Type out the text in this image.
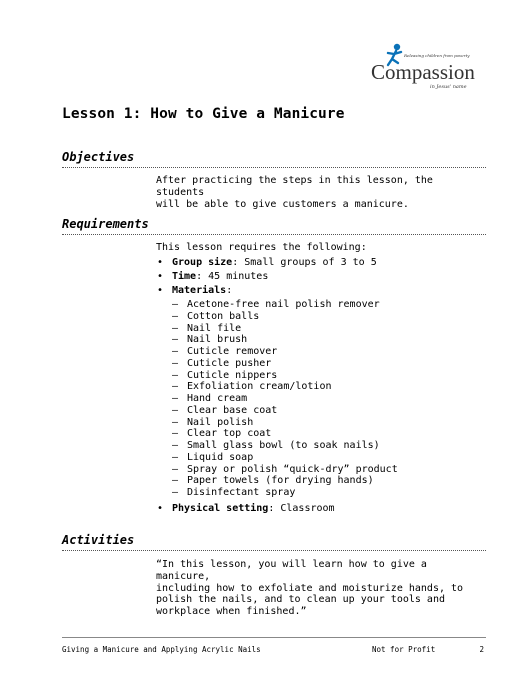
Releasing children from poverty
Compassion
in Jesus' name
Lesson 1: How to Give a Manicure
Objectives

After practicing the steps in this lesson, the students
will be able to give customers a manicure.

Requirements

This lesson requires the following:

• Group size: Small groups of 3 to 5
• Time: 45 minutes
• Materials:
– Acetone-free nail polish remover
– Cotton balls
– Nail file
– Nail brush
– Cuticle remover
– Cuticle pusher
– Cuticle nippers
– Exfoliation cream/lotion
– Hand cream
– Clear base coat
– Nail polish
– Clear top coat
– Small glass bowl (to soak nails)
– Liquid soap
– Spray or polish “quick-dry” product
– Paper towels (for drying hands)
– Disinfectant spray
• Physical setting: Classroom
Activities

“In this lesson, you will learn how to give a manicure,
including how to exfoliate and moisturize hands, to
polish the nails, and to clean up your tools and
workplace when finished.”

Giving a Manicure and Applying Acrylic Nails	Not for Profit	2
